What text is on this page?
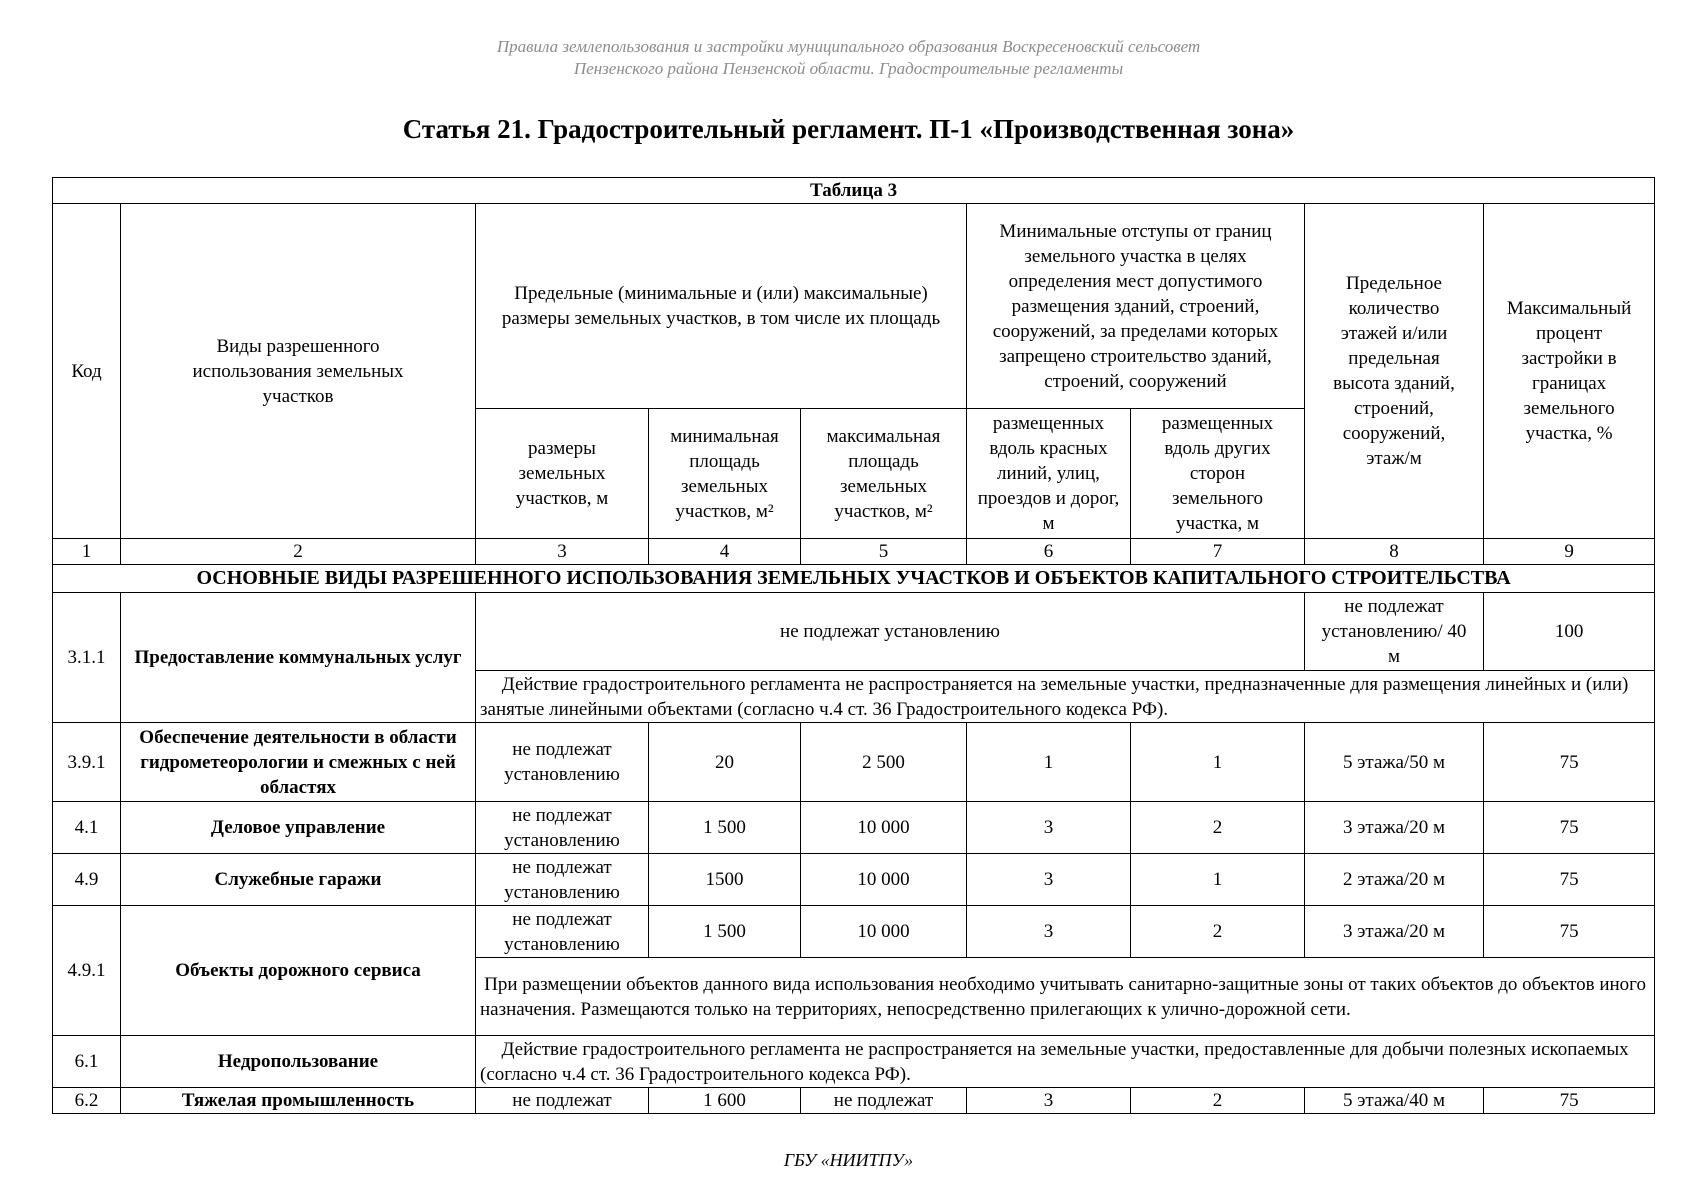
Правила землепользования и застройки муниципального образования Воскресеновский сельсовет
Пензенского района Пензенской области. Градостроительные регламенты
Статья 21. Градостроительный регламент. П-1 «Производственная зона»
Таблица 3								
Код	Виды разрешенного использования земельных участков	Предельные (минимальные и (или) максимальные) размеры земельных участков, в том числе их площадь			Минимальные отступы от границ земельного участка в целях определения мест допустимого размещения зданий, строений, сооружений, за пределами которых запрещено строительство зданий, строений, сооружений		Предельное количество этажей и/или предельная высота зданий, строений, сооружений, этаж/м	Максимальный процент застройки в границах земельного участка, %
		размеры земельных участков, м	минимальная площадь земельных участков, м²	максимальная площадь земельных участков, м²	размещенных вдоль красных линий, улиц, проездов и дорог, м	размещенных вдоль других сторон земельного участка, м		
1	2	3	4	5	6	7	8	9
ОСНОВНЫЕ ВИДЫ РАЗРЕШЕННОГО ИСПОЛЬЗОВАНИЯ ЗЕМЕЛЬНЫХ УЧАСТКОВ И ОБЪЕКТОВ КАПИТАЛЬНОГО СТРОИТЕЛЬСТВА								
3.1.1	Предоставление коммунальных услуг	не подлежат установлению					не подлежат установлению/ 40 м	100
		Действие градостроительного регламента не распространяется на земельные участки, предназначенные для размещения линейных и (или) занятые линейными объектами (согласно ч.4 ст. 36 Градостроительного кодекса РФ).						
3.9.1	Обеспечение деятельности в области гидрометеорологии и смежных с ней областях	не подлежат установлению	20	2 500	1	1	5 этажа/50 м	75
4.1	Деловое управление	не подлежат установлению	1 500	10 000	3	2	3 этажа/20 м	75
4.9	Служебные гаражи	не подлежат установлению	1500	10 000	3	1	2 этажа/20 м	75
4.9.1	Объекты дорожного сервиса	не подлежат установлению	1 500	10 000	3	2	3 этажа/20 м	75
		При размещении объектов данного вида использования необходимо учитывать санитарно-защитные зоны от таких объектов до объектов иного назначения. Размещаются только на территориях, непосредственно прилегающих к улично-дорожной сети.						
6.1	Недропользование	Действие градостроительного регламента не распространяется на земельные участки, предоставленные для добычи полезных ископаемых (согласно ч.4 ст. 36 Градостроительного кодекса РФ).						
6.2	Тяжелая промышленность	не подлежат	1 600	не подлежат	3	2	5 этажа/40 м	75
ГБУ «НИИТПУ»
